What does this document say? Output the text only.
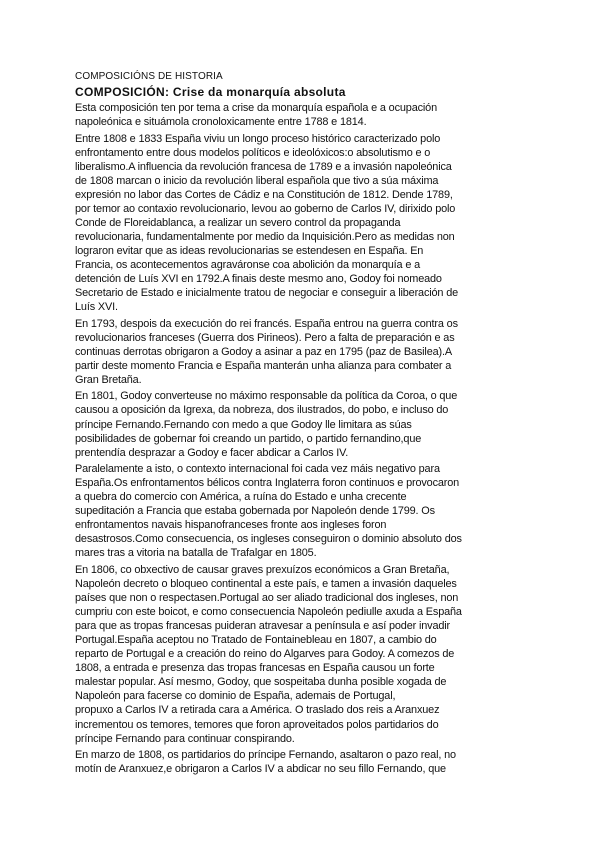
COMPOSICIÓNS DE HISTORIA
COMPOSICIÓN: Crise da monarquía absoluta
Esta composición ten por tema a crise da monarquía española e a ocupación
napoleónica e situámola cronoloxicamente entre 1788 e 1814.
Entre 1808 e 1833 España viviu un longo proceso histórico caracterizado polo
enfrontamento entre dous modelos políticos e ideolóxicos:o absolutismo e o
liberalismo.A influencia da revolución francesa de 1789 e a invasión napoleónica
de 1808 marcan o inicio da revolución liberal española que tivo a súa máxima
expresión no labor das Cortes de Cádiz e na Constitución de 1812. Dende 1789,
por temor ao contaxio revolucionario, levou ao goberno de Carlos IV, dirixido polo
Conde de Floreidablanca, a realizar un severo control da propaganda
revolucionaria, fundamentalmente por medio da Inquisición.Pero as medidas non
lograron evitar que as ideas revolucionarias se estendesen en España. En
Francia, os acontecementos agraváronse coa abolición da monarquía e a
detención de Luís XVI en 1792.A finais deste mesmo ano, Godoy foi nomeado
Secretario de Estado e inicialmente tratou de negociar e conseguir a liberación de
Luís XVI.
En 1793, despois da execución do rei francés. España entrou na guerra contra os
revolucionarios franceses (Guerra dos Pirineos). Pero a falta de preparación e as
continuas derrotas obrigaron a Godoy a asinar a paz en 1795 (paz de Basilea).A
partir deste momento Francia e España manterán unha alianza para combater a
Gran Bretaña.
En 1801, Godoy converteuse no máximo responsable da política da Coroa, o que
causou a oposición da Igrexa, da nobreza, dos ilustrados, do pobo, e incluso do
príncipe Fernando.Fernando con medo a que Godoy lle limitara as súas
posibilidades de gobernar foi creando un partido, o partido fernandino,que
prentendía desprazar a Godoy e facer abdicar a Carlos IV.
Paralelamente a isto, o contexto internacional foi cada vez máis negativo para
España.Os enfrontamentos bélicos contra Inglaterra foron continuos e provocaron
a quebra do comercio con América, a ruína do Estado e unha crecente
supeditación a Francia que estaba gobernada por Napoleón dende 1799. Os
enfrontamentos navais hispanofranceses fronte aos ingleses foron
desastrosos.Como consecuencia, os ingleses conseguiron o dominio absoluto dos
mares tras a vitoria na batalla de Trafalgar en 1805.
En 1806, co obxectivo de causar graves prexuízos económicos a Gran Bretaña,
Napoleón decreto o bloqueo continental a este país, e tamen a invasión daqueles
países que non o respectasen.Portugal ao ser aliado tradicional dos ingleses, non
cumpriu con este boicot, e como consecuencia Napoleón pediulle axuda a España
para que as tropas francesas puideran atravesar a península e así poder invadir
Portugal.España aceptou no Tratado de Fontainebleau en 1807, a cambio do
reparto de Portugal e a creación do reino do Algarves para Godoy. A comezos de
1808, a entrada e presenza das tropas francesas en España causou un forte
malestar popular. Así mesmo, Godoy, que sospeitaba dunha posible xogada de
Napoleón para facerse co dominio de España, ademais de Portugal,
propuxo a Carlos IV a retirada cara a América. O traslado dos reis a Aranxuez
incrementou os temores, temores que foron aproveitados polos partidarios do
príncipe Fernando para continuar conspirando.
En marzo de 1808, os partidarios do príncipe Fernando, asaltaron o pazo real, no
motín de Aranxuez,e obrigaron a Carlos IV a abdicar no seu fillo Fernando, que
